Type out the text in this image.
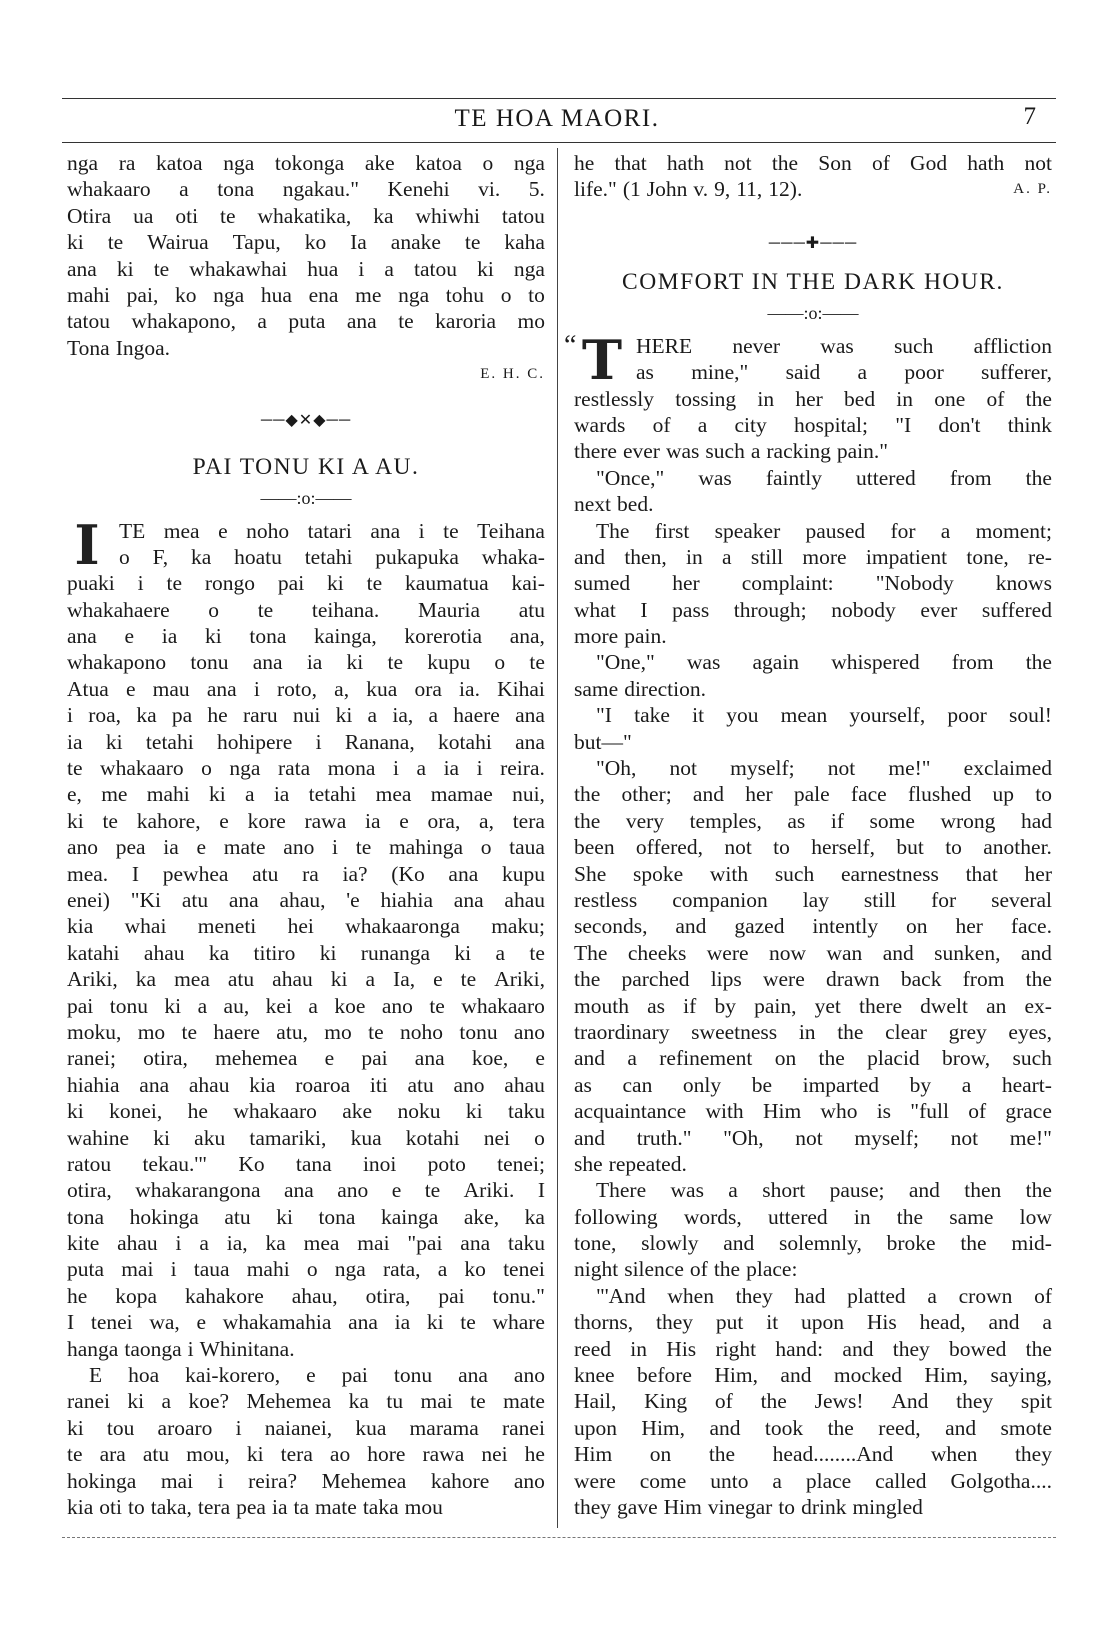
TE HOA MAORI.	7
nga ra katoa nga tokonga ake katoa o nga
whakaaro a tona ngakau." Kenehi vi. 5.
Otira ua oti te whakatika, ka whiwhi tatou
ki te Wairua Tapu, ko Ia anake te kaha
ana ki te whakawhai hua i a tatou ki nga
mahi pai, ko nga hua ena me nga tohu o to
tatou whakapono, a puta ana te karoria mo
Tona Ingoa.
E. H. C.
──◆✕◆──
PAI TONU KI A AU.
——:o:——
I TE mea e noho tatari ana i te Teihana
o F, ka hoatu tetahi pukapuka whaka-
puaki i te rongo pai ki te kaumatua kai-
whakahaere o te teihana. Mauria atu
ana e ia ki tona kainga, korerotia ana,
whakapono tonu ana ia ki te kupu o te
Atua e mau ana i roto, a, kua ora ia. Kihai
i roa, ka pa he raru nui ki a ia, a haere ana
ia ki tetahi hohipere i Ranana, kotahi ana
te whakaaro o nga rata mona i a ia i reira.
e, me mahi ki a ia tetahi mea mamae nui,
ki te kahore, e kore rawa ia e ora, a, tera
ano pea ia e mate ano i te mahinga o taua
mea. I pewhea atu ra ia? (Ko ana kupu
enei) "Ki atu ana ahau, 'e hiahia ana ahau
kia whai meneti hei whakaaronga maku;
katahi ahau ka titiro ki runanga ki a te
Ariki, ka mea atu ahau ki a Ia, e te Ariki,
pai tonu ki a au, kei a koe ano te whakaaro
moku, mo te haere atu, mo te noho tonu ano
ranei; otira, mehemea e pai ana koe, e
hiahia ana ahau kia roaroa iti atu ano ahau
ki konei, he whakaaro ake noku ki taku
wahine ki aku tamariki, kua kotahi nei o
ratou tekau.'" Ko tana inoi poto tenei;
otira, whakarangona ana ano e te Ariki. I
tona hokinga atu ki tona kainga ake, ka
kite ahau i a ia, ka mea mai "pai ana taku
puta mai i taua mahi o nga rata, a ko tenei
he kopa kahakore ahau, otira, pai tonu."
I tenei wa, e whakamahia ana ia ki te whare
hanga taonga i Whinitana.
E hoa kai-korero, e pai tonu ana ano
ranei ki a koe? Mehemea ka tu mai te mate
ki tou aroaro i naianei, kua marama ranei
te ara atu mou, ki tera ao hore rawa nei he
hokinga mai i reira? Mehemea kahore ano
kia oti to taka, tera pea ia ta mate taka mou
he that hath not the Son of God hath not
life." (1 John v. 9, 11, 12).	A. P.
───✚───
COMFORT IN THE DARK HOUR.
——:o:——
“ T HERE never was such affliction
as mine," said a poor sufferer,
restlessly tossing in her bed in one of the
wards of a city hospital; "I don't think
there ever was such a racking pain."
"Once," was faintly uttered from the
next bed.
The first speaker paused for a moment;
and then, in a still more impatient tone, re-
sumed her complaint: "Nobody knows
what I pass through; nobody ever suffered
more pain.
"One," was again whispered from the
same direction.
"I take it you mean yourself, poor soul!
but—"
"Oh, not myself; not me!" exclaimed
the other; and her pale face flushed up to
the very temples, as if some wrong had
been offered, not to herself, but to another.
She spoke with such earnestness that her
restless companion lay still for several
seconds, and gazed intently on her face.
The cheeks were now wan and sunken, and
the parched lips were drawn back from the
mouth as if by pain, yet there dwelt an ex-
traordinary sweetness in the clear grey eyes,
and a refinement on the placid brow, such
as can only be imparted by a heart-
acquaintance with Him who is "full of grace
and truth." "Oh, not myself; not me!"
she repeated.
There was a short pause; and then the
following words, uttered in the same low
tone, slowly and solemnly, broke the mid-
night silence of the place:
"'And when they had platted a crown of
thorns, they put it upon His head, and a
reed in His right hand: and they bowed the
knee before Him, and mocked Him, saying,
Hail, King of the Jews! And they spit
upon Him, and took the reed, and smote
Him on the head........And when they
were come unto a place called Golgotha....
they gave Him vinegar to drink mingled
